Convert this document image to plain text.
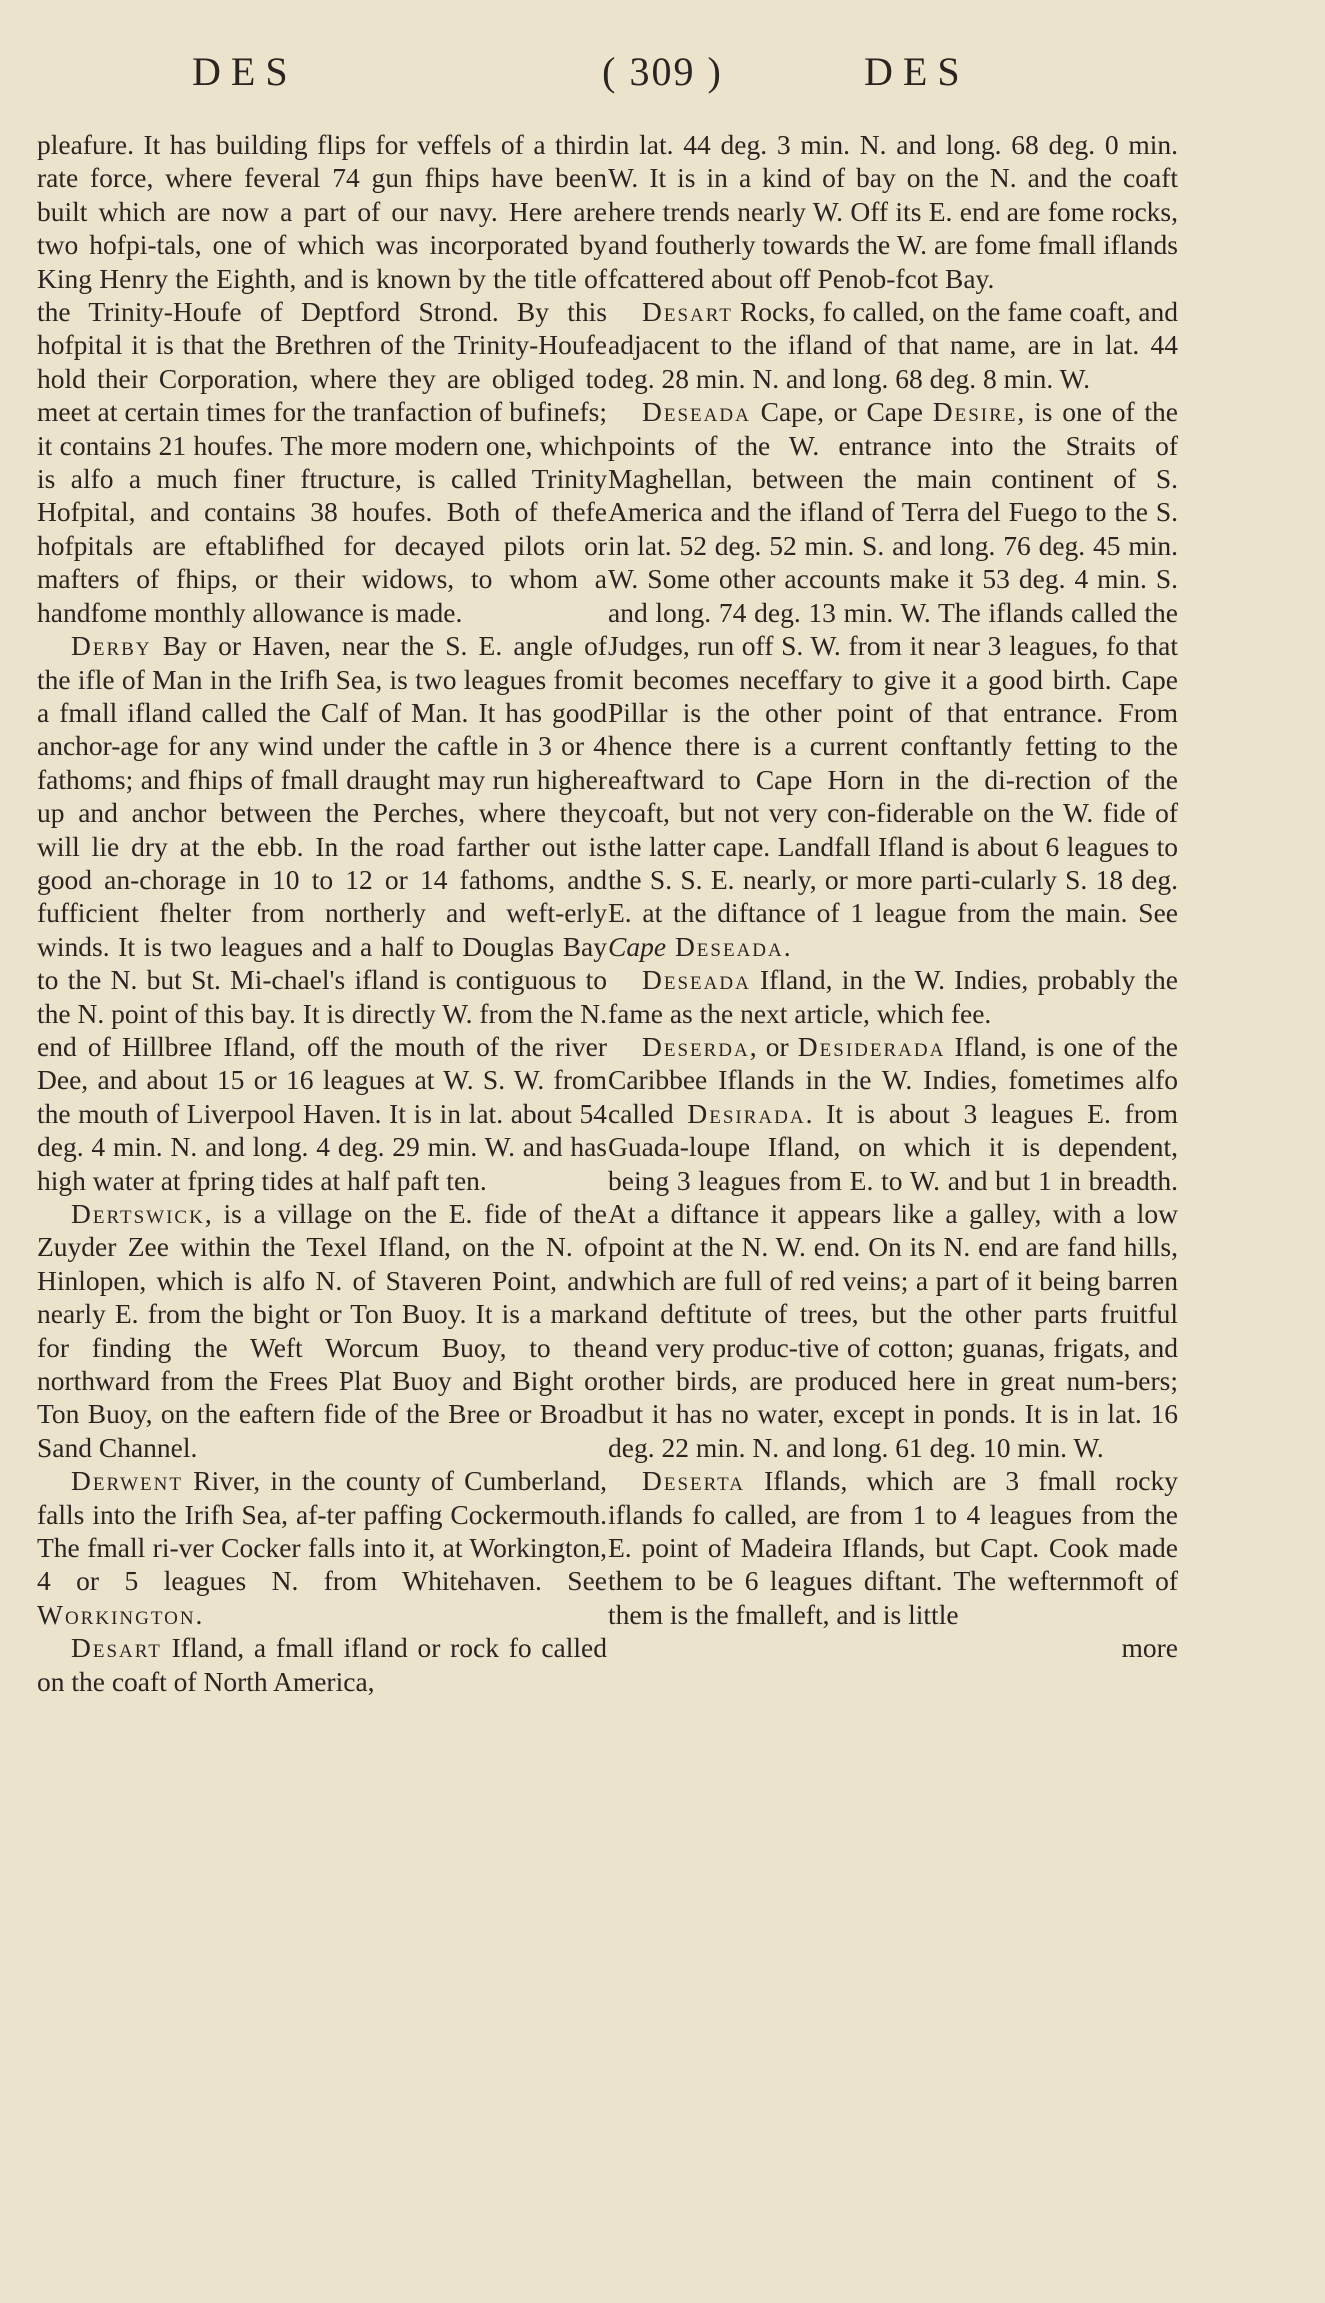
DES	( 309 )	DES

pleafure. It has building flips for veffels of a third rate force, where feveral 74 gun fhips have been built which are now a part of our navy. Here are two hofpi-tals, one of which was incorporated by King Henry the Eighth, and is known by the title of the Trinity-Houfe of Deptford Strond. By this hofpital it is that the Brethren of the Trinity-Houfe hold their Corporation, where they are obliged to meet at certain times for the tranfaction of bufinefs; it contains 21 houfes. The more modern one, which is alfo a much finer ftructure, is called Trinity Hofpital, and contains 38 houfes. Both of thefe hofpitals are eftablifhed for decayed pilots or mafters of fhips, or their widows, to whom a handfome monthly allowance is made.

Derby Bay or Haven, near the S. E. angle of the ifle of Man in the Irifh Sea, is two leagues from a fmall ifland called the Calf of Man. It has good anchor-age for any wind under the caftle in 3 or 4 fathoms; and fhips of fmall draught may run higher up and anchor between the Perches, where they will lie dry at the ebb. In the road farther out is good an-chorage in 10 to 12 or 14 fathoms, and fufficient fhelter from northerly and weft-erly winds. It is two leagues and a half to Douglas Bay to the N. but St. Mi-chael's ifland is contiguous to the N. point of this bay. It is directly W. from the N. end of Hillbree Ifland, off the mouth of the river Dee, and about 15 or 16 leagues at W. S. W. from the mouth of Liverpool Haven. It is in lat. about 54 deg. 4 min. N. and long. 4 deg. 29 min. W. and has high water at fpring tides at half paft ten.

Dertswick, is a village on the E. fide of the Zuyder Zee within the Texel Ifland, on the N. of Hinlopen, which is alfo N. of Staveren Point, and nearly E. from the bight or Ton Buoy. It is a mark for finding the Weft Worcum Buoy, to the northward from the Frees Plat Buoy and Bight or Ton Buoy, on the eaftern fide of the Bree or Broad Sand Channel.

Derwent River, in the county of Cumberland, falls into the Irifh Sea, af-ter paffing Cockermouth. The fmall ri-ver Cocker falls into it, at Workington, 4 or 5 leagues N. from Whitehaven. See Workington.

Desart Ifland, a fmall ifland or rock fo called on the coaft of North America,

in lat. 44 deg. 3 min. N. and long. 68 deg. 0 min. W. It is in a kind of bay on the N. and the coaft here trends nearly W. Off its E. end are fome rocks, and foutherly towards the W. are fome fmall iflands fcattered about off Penob-fcot Bay.

Desart Rocks, fo called, on the fame coaft, and adjacent to the ifland of that name, are in lat. 44 deg. 28 min. N. and long. 68 deg. 8 min. W.

Deseada Cape, or Cape Desire, is one of the points of the W. entrance into the Straits of Maghellan, between the main continent of S. America and the ifland of Terra del Fuego to the S. in lat. 52 deg. 52 min. S. and long. 76 deg. 45 min. W. Some other accounts make it 53 deg. 4 min. S. and long. 74 deg. 13 min. W. The iflands called the Judges, run off S. W. from it near 3 leagues, fo that it becomes neceffary to give it a good birth. Cape Pillar is the other point of that entrance. From hence there is a current conftantly fetting to the eaftward to Cape Horn in the di-rection of the coaft, but not very con-fiderable on the W. fide of the latter cape. Landfall Ifland is about 6 leagues to the S. S. E. nearly, or more parti-cularly S. 18 deg. E. at the diftance of 1 league from the main. See Cape Deseada.

Deseada Ifland, in the W. Indies, probably the fame as the next article, which fee.

Deserda, or Desiderada Ifland, is one of the Caribbee Iflands in the W. Indies, fometimes alfo called Desirada. It is about 3 leagues E. from Guada-loupe Ifland, on which it is dependent, being 3 leagues from E. to W. and but 1 in breadth. At a diftance it appears like a galley, with a low point at the N. W. end. On its N. end are fand hills, which are full of red veins; a part of it being barren and deftitute of trees, but the other parts fruitful and very produc-tive of cotton; guanas, frigats, and other birds, are produced here in great num-bers; but it has no water, except in ponds. It is in lat. 16 deg. 22 min. N. and long. 61 deg. 10 min. W.

Deserta Iflands, which are 3 fmall rocky iflands fo called, are from 1 to 4 leagues from the E. point of Madeira Iflands, but Capt. Cook made them to be 6 leagues diftant. The wefternmoft of them is the fmalleft, and is little

more
